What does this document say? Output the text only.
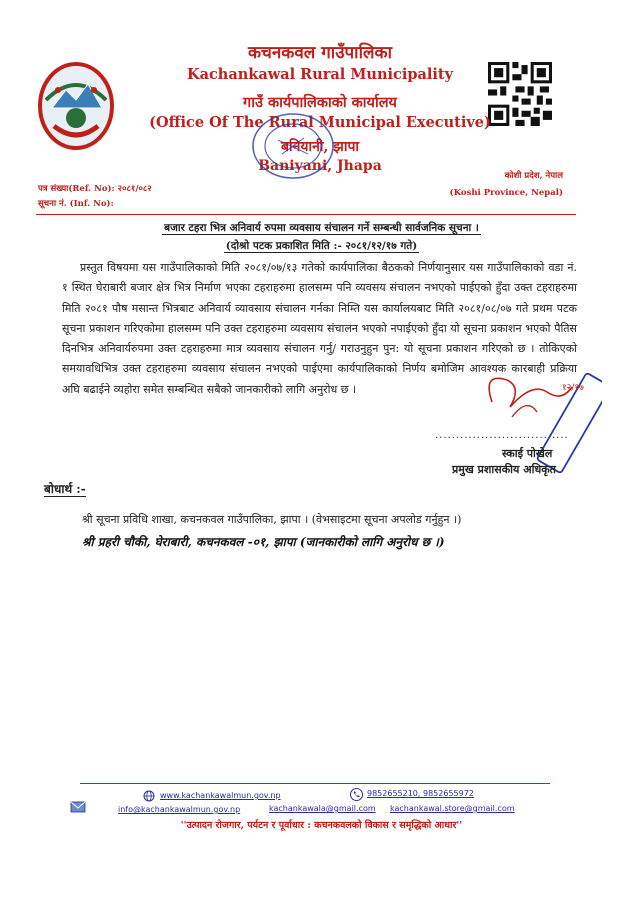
कचनकवल गाउँपालिका
Kachankawal Rural Municipality
गाउँ कार्यपालिकाको कार्यालय
(Office Of The Rural Municipal Executive)
बनियानी, झापा
Baniyani, Jhapa
पत्र संख्या(Ref. No): २०८१/०८२
सूचना नं. (Inf. No):
कोशी प्रदेश, नेपाल
(Koshi Province, Nepal)
बजार टहरा भित्र अनिवार्य रुपमा व्यवसाय संचालन गर्ने सम्बन्धी सार्वजनिक सूचना ।
(दोश्रो पटक प्रकाशित मिति :- २०८१/१२/१७ गते)
प्रस्तुत विषयमा यस गाउँपालिकाको मिति २०८१/०७/१३ गतेको कार्यपालिका बैठकको निर्णयानुसार यस गाउँपालिकाको वडा नं. १ स्थित घेराबारी बजार क्षेत्र भित्र निर्माण भएका टहराहरुमा हालसम्म पनि व्यवसय संचालन नभएको पाईएको हुँदा उक्त टहराहरुमा मिति २०८१ पौष मसान्त भित्रबाट अनिवार्य व्यावसाय संचालन गर्नका निम्ति यस कार्यालयबाट मिति २०८१/०८/०७ गते प्रथम पटक सूचना प्रकाशन गरिएकोमा हालसम्म पनि उक्त टहराहरुमा व्यवसाय संचालन भएको नपाईएको हुँदा यो सूचना प्रकाशन भएको पैतिस दिनभित्र अनिवार्यरुपमा उक्त टहराहरुमा मात्र व्यवसाय संचालन गर्नु/ गराउनुहुन पुन: यो सूचना प्रकाशन गरिएको छ । तोकिएको समयावधिभित्र उक्त टहराहरुमा व्यवसाय संचालन नभएको पाईएमा कार्यपालिकाको निर्णय बमोजिम आवश्यक कारबाही प्रक्रिया अघि बढाईने व्यहोरा समेत सम्बन्धित सबैको जानकारीको लागि अनुरोध छ ।
................................
१२/१७
स्काई पोखेल
प्रमुख प्रशासकीय अधिकृत
बोधार्थ :-
श्री सूचना प्रविधि शाखा, कचनकवल गाउँपालिका, झापा । (वेभसाइटमा सूचना अपलोड गर्नुहुन ।)
श्री प्रहरी चौकी, घेराबारी, कचनकवल -०१, झापा (जानकारीको लागि अनुरोध छ ।)
www.kachankawalmun.gov.np	9852655210, 9852655972
info@kachankawalmun.gov.np	kachankawala@gmail.com kachankawal.store@gmail.com
''उत्पादन रोजगार, पर्यटन र पूर्वाधार : कचनकवलको विकास र समृद्धिको आधार''
